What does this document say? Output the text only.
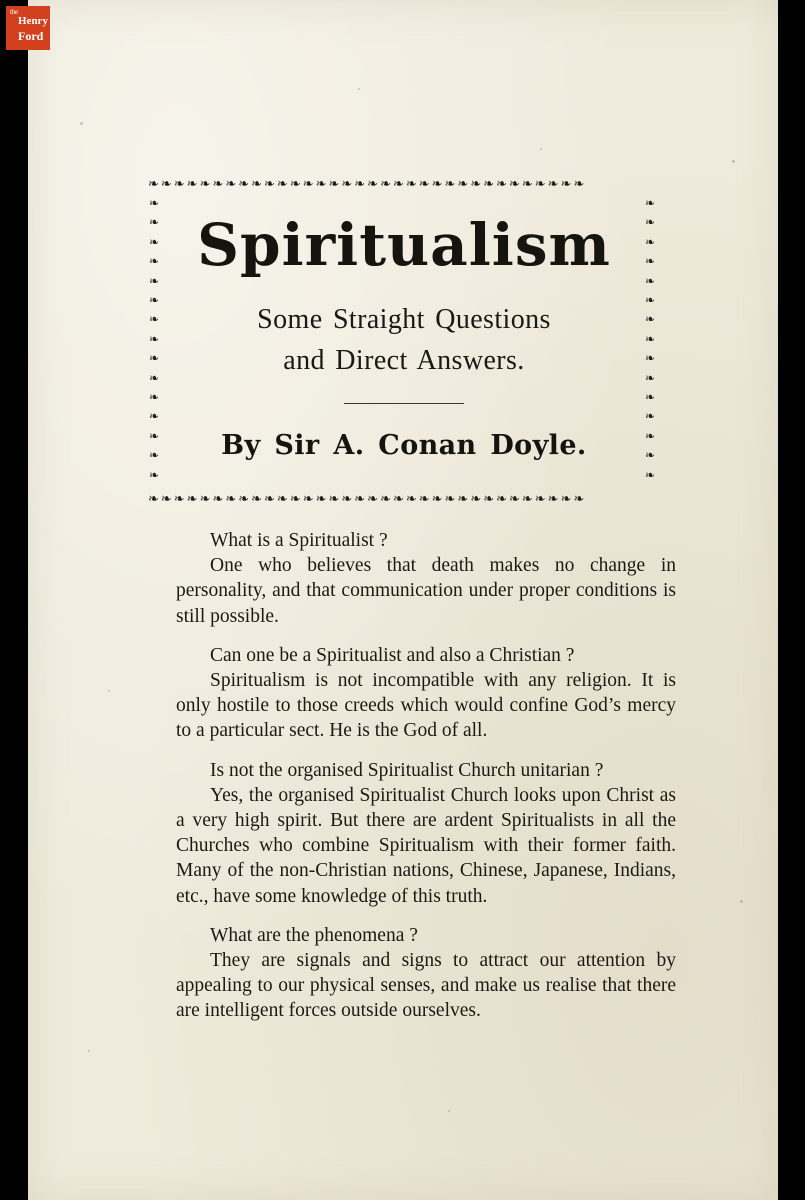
❧❧❧❧❧❧❧❧❧❧❧❧❧❧❧❧❧❧❧❧❧❧❧❧❧❧❧❧❧❧❧❧❧❧
❧❧❧❧❧❧❧❧❧❧❧❧❧❧❧❧❧❧❧❧❧❧❧❧❧❧❧❧❧❧❧❧❧❧
❧
❧
❧
❧
❧
❧
❧
❧
❧
❧
❧
❧
❧
❧
❧
❧
❧
❧
❧
❧
❧
❧
❧
❧
❧
❧
❧
❧
❧
❧
Spiritualism
Some Straight Questions
and Direct Answers.
By Sir A. Conan Doyle.

What is a Spiritualist ?

One who believes that death makes no change in personality, and that communication under proper conditions is still possible.

Can one be a Spiritualist and also a Christian ?

Spiritualism is not incompatible with any religion. It is only hostile to those creeds which would confine God’s mercy to a particular sect. He is the God of all.

Is not the organised Spiritualist Church unitarian ?

Yes, the organised Spiritualist Church looks upon Christ as a very high spirit. But there are ardent Spiritualists in all the Churches who combine Spiritualism with their former faith. Many of the non-Christian nations, Chinese, Japanese, Indians, etc., have some knowledge of this truth.

What are the phenomena ?

They are signals and signs to attract our attention by appealing to our physical senses, and make us realise that there are intelligent forces outside ourselves.

the
Henry
Ford
